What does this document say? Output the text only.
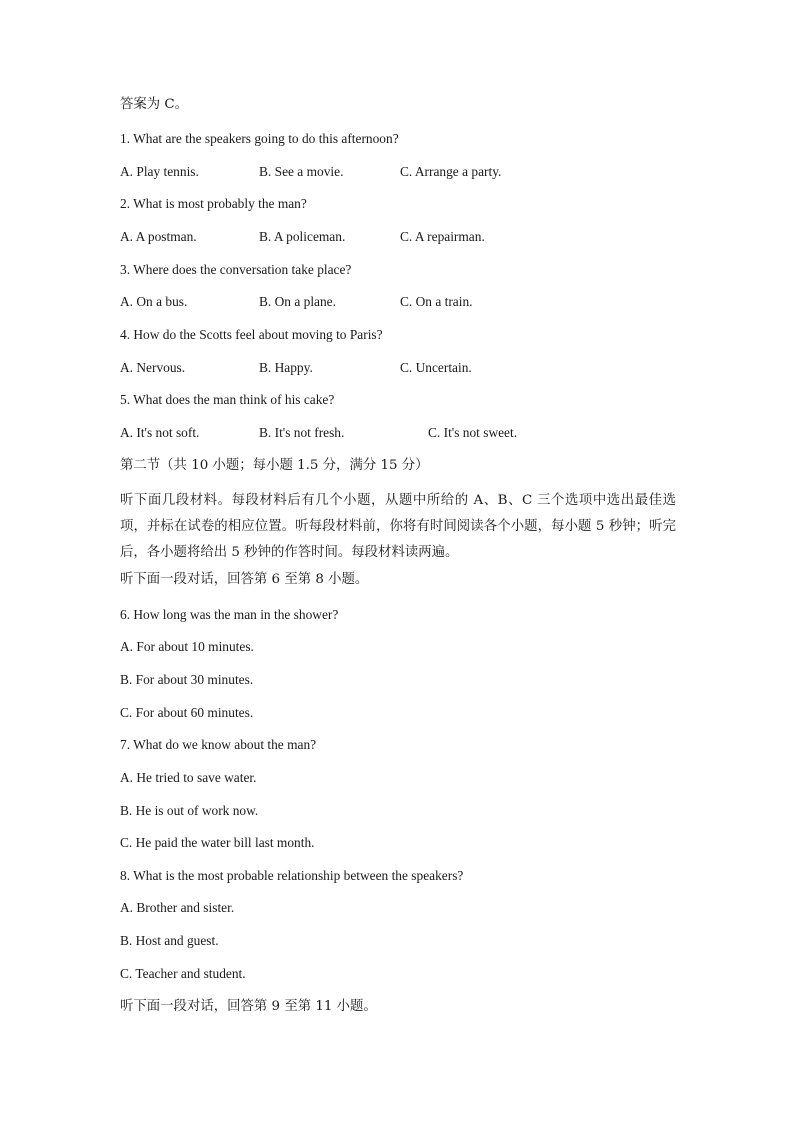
答案为 C。
1. What are the speakers going to do this afternoon?
A. Play tennis.	B. See a movie.	C. Arrange a party.
2. What is most probably the man?
A. A postman.	B. A policeman.	C. A repairman.
3. Where does the conversation take place?
A. On a bus.	B. On a plane.	C. On a train.
4. How do the Scotts feel about moving to Paris?
A. Nervous.	B. Happy.	C. Uncertain.
5. What does the man think of his cake?
A. It's not soft.	B. It's not fresh.	C. It's not sweet.
第二节（共 10 小题；每小题 1.5 分，满分 15 分）
听下面几段材料。每段材料后有几个小题，从题中所给的 A、B、C 三个选项中选出最佳选项，并标在试卷的相应位置。听每段材料前，你将有时间阅读各个小题，每小题 5 秒钟；听完后，各小题将给出 5 秒钟的作答时间。每段材料读两遍。
听下面一段对话，回答第 6 至第 8 小题。
6. How long was the man in the shower?
A. For about 10 minutes.
B. For about 30 minutes.
C. For about 60 minutes.
7. What do we know about the man?
A. He tried to save water.
B. He is out of work now.
C. He paid the water bill last month.
8. What is the most probable relationship between the speakers?
A. Brother and sister.
B. Host and guest.
C. Teacher and student.
听下面一段对话，回答第 9 至第 11 小题。
